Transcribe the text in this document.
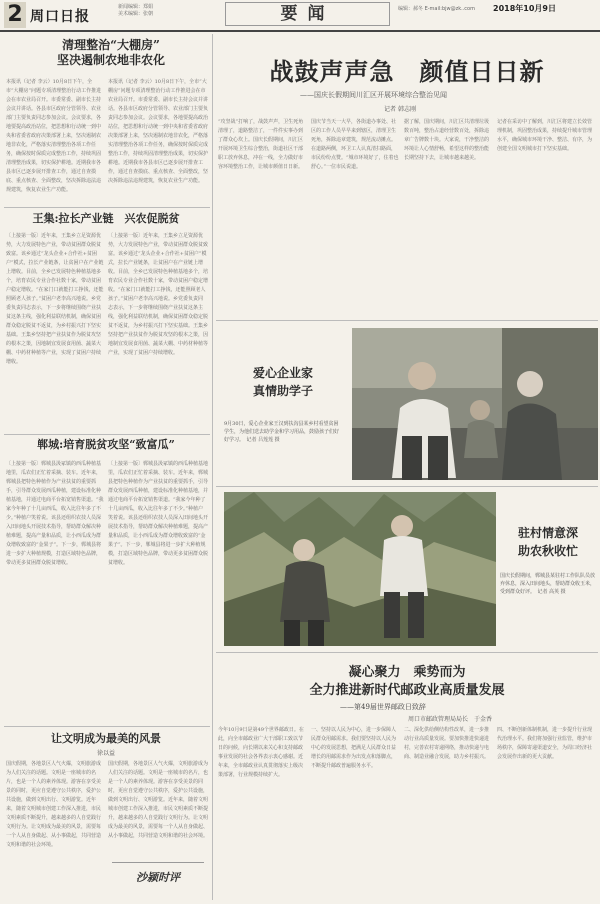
2 周口日报
新闻编辑：郑娟
美术编辑：张朝	要闻	编辑：郝冬 E-mail:bjw@zk..com 2018年10月9日
清理整治“大棚房”
坚决遏制农地非农化
本报讯（记者 李云）10月8日下午，全市“大棚房”问题专项清理整治行动工作推进会在市农业局召开。市委常委、副市长主持会议并讲话。各县市区政府分管领导、农业部门主要负责同志参加会议。会议要求，各地要提高政治站位，把思想和行动统一到中央和省委省政府决策部署上来，坚决遏制农地非农化，严格落实清理整治各项工作任务，确保按时保质完成整治工作，持续巩固清理整治成果，切实保护耕地。近期我市各县市区已逐步展开排查工作，通过自查摸底、重点核查、全面整改，坚决拆除违法违规建筑，恢复农业生产功能。
本报讯（记者 李云）10月8日下午，全市“大棚房”问题专项清理整治行动工作推进会在市农业局召开。市委常委、副市长主持会议并讲话。各县市区政府分管领导、农业部门主要负责同志参加会议。会议要求，各地要提高政治站位，把思想和行动统一到中央和省委省政府决策部署上来，坚决遏制农地非农化，严格落实清理整治各项工作任务，确保按时保质完成整治工作，持续巩固清理整治成果，切实保护耕地。近期我市各县市区已逐步展开排查工作，通过自查摸底、重点核查、全面整改，坚决拆除违法违规建筑，恢复农业生产功能。
王集:拉长产业链　兴农促脱贫
〔上接第一版〕近年来，王集乡立足资源优势，大力发展特色产业，带动贫困群众脱贫致富。该乡通过“龙头企业+合作社+贫困户”模式，拉长产业链条，让贫困户在产业链上增收。目前，全乡已发展特色种植基地多个，培育农民专业合作社数十家，带动贫困户稳定增收。“在家门口就能打工挣钱，还能照顾老人孩子。”贫困户老李高兴地说。乡党委负责同志表示，下一步将继续围绕产业扶贫这条主线，强化利益联结机制，确保贫困群众稳定脱贫不返贫，为乡村振兴打下坚实基础。王集乡坚持把产业扶贫作为脱贫攻坚的根本之策，因地制宜发展食用菌、蔬菜大棚、中药材种植等产业，实现了贫困户持续增收。
〔上接第一版〕近年来，王集乡立足资源优势，大力发展特色产业，带动贫困群众脱贫致富。该乡通过“龙头企业+合作社+贫困户”模式，拉长产业链条，让贫困户在产业链上增收。目前，全乡已发展特色种植基地多个，培育农民专业合作社数十家，带动贫困户稳定增收。“在家门口就能打工挣钱，还能照顾老人孩子。”贫困户老李高兴地说。乡党委负责同志表示，下一步将继续围绕产业扶贫这条主线，强化利益联结机制，确保贫困群众稳定脱贫不返贫，为乡村振兴打下坚实基础。王集乡坚持把产业扶贫作为脱贫攻坚的根本之策，因地制宜发展食用菌、蔬菜大棚、中药材种植等产业，实现了贫困户持续增收。
郸城:培育脱贫攻坚“致富瓜”
〔上接第一版〕郸城县汲冢镇的西瓜种植基地里，瓜农们正忙着采摘、装车。近年来，郸城县把特色种植作为产业扶贫的重要抓手，引导群众发展西瓜种植，建设标准化种植基地，并通过电商平台拓宽销售渠道。“我家今年种了十几亩西瓜，收入比往年多了不少。”种植户笑着说。该县还组织农技人员深入田间地头开展技术指导，帮助群众解决种植难题，提高产量和品质，让小西瓜成为群众增收致富的“金果子”。下一步，郸城县将进一步扩大种植规模，打造区域特色品牌，带动更多贫困群众脱贫增收。
〔上接第一版〕郸城县汲冢镇的西瓜种植基地里，瓜农们正忙着采摘、装车。近年来，郸城县把特色种植作为产业扶贫的重要抓手，引导群众发展西瓜种植，建设标准化种植基地，并通过电商平台拓宽销售渠道。“我家今年种了十几亩西瓜，收入比往年多了不少。”种植户笑着说。该县还组织农技人员深入田间地头开展技术指导，帮助群众解决种植难题，提高产量和品质，让小西瓜成为群众增收致富的“金果子”。下一步，郸城县将进一步扩大种植规模，打造区域特色品牌，带动更多贫困群众脱贫增收。
让文明成为最美的风景
徐以益
国庆假期，各地景区人气火爆，文明旅游成为人们关注的话题。文明是一座城市的名片，也是一个人的素养体现。游客在享受美景的同时，更应自觉遵守公共秩序，爱护公共设施，做到文明出行、文明游览。近年来，随着文明城市创建工作深入推进，市民文明素质不断提升，越来越多的人自觉践行文明行为。让文明成为最美的风景，需要每一个人从自身做起、从小事做起，共同营造文明和谐的社会环境。
国庆假期，各地景区人气火爆，文明旅游成为人们关注的话题。文明是一座城市的名片，也是一个人的素养体现。游客在享受美景的同时，更应自觉遵守公共秩序，爱护公共设施，做到文明出行、文明游览。近年来，随着文明城市创建工作深入推进，市民文明素质不断提升，越来越多的人自觉践行文明行为。让文明成为最美的风景，需要每一个人从自身做起、从小事做起，共同营造文明和谐的社会环境。
沙颍时评
战鼓声声急　颜值日日新
——国庆长假期间川汇区开展环境综合整治见闻
记者 韩志刚
“攻坚战”打响了，战鼓声声，卫生死角清理了，道路整洁了，一件件实事办到了群众心坎上。国庆长假期间，川汇区开展环境卫生综合整治，街道社区干部职工放弃休息，冲在一线，全力做好市容环境整治工作，让城市颜值日日新。
国庆节当天一大早，各街道办事处、社区的工作人员早早来到辖区，清理卫生死角，拆除违章建筑，规范流动摊点。在道路两侧，环卫工人认真清扫路面，市民纷纷点赞。“城市环境好了，住着也舒心。”一位市民说道。
据了解，国庆期间，川汇区共清理垃圾数百吨，整治占道经营数百处，拆除违章广告牌数十块。大家说，干净整洁的环境让人心情舒畅，希望这样的整治能长期坚持下去，让城市越来越美。
记者在采访中了解到，川汇区将建立长效管理机制，巩固整治成果，持续提升城市管理水平，确保城市环境干净、整洁、有序，为创建全国文明城市打下坚实基础。
爱心企业家
真情助学子
9月30日，爱心企业家王汉到扶沟县某乡村看望贫困学生，为他们送去助学金和学习用品，鼓励孩子们好好学习。　记者 吕莲莲 摄
驻村情意深
助农秋收忙
国庆长假期间，郸城县某驻村工作队队员放弃休息，深入田间地头，帮助群众收玉米，受到群众好评。　记者 高英 摄
凝心聚力　乘势而为
全力推进新时代邮政业高质量发展
——第49届世界邮政日致辞
周口市邮政管理局局长　于金香
今年10月9日是第49个世界邮政日。在此，向全市邮政业广大干部职工致以节日的问候，向长期以来关心和支持邮政事业发展的社会各界表示衷心感谢。近年来，全市邮政业认真贯彻落实上级决策部署，行业规模持续扩大。
一、坚持以人民为中心，进一步保障人民群众用邮需求。我们要坚持以人民为中心的发展思想，把满足人民群众日益增长的用邮需求作为出发点和落脚点，不断提升邮政普遍服务水平。
二、深化供给侧结构性改革，进一步推动行业高质量发展。要加快推进快递进村，完善农村寄递网络，推动快递与电商、制造业融合发展，助力乡村振兴。
四、不断创新体制机制，进一步提升行业现代治理水平。我们将加强行业监管，维护市场秩序，保障寄递渠道安全，为周口经济社会发展作出新的更大贡献。
